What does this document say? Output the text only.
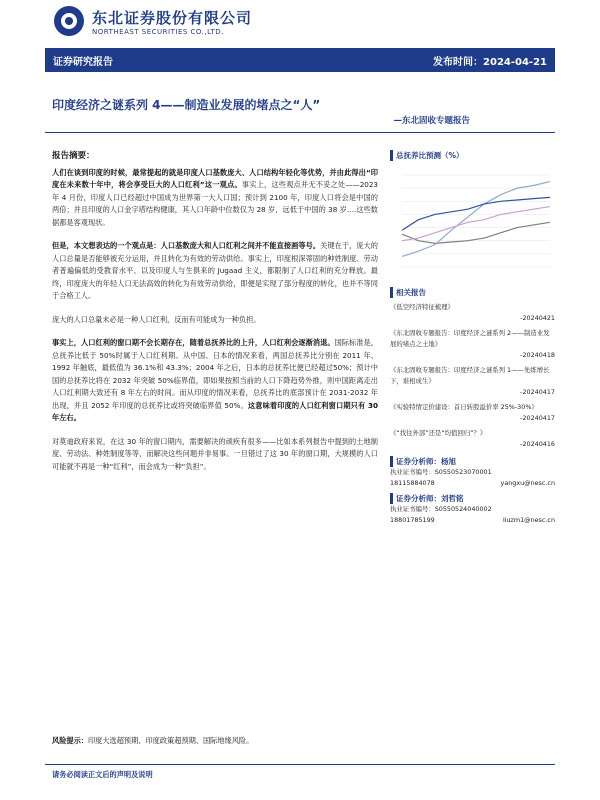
东北证券股份有限公司
NORTHEAST SECURITIES CO.,LTD.
证券研究报告	发布时间：2024-04-21
印度经济之谜系列 4——制造业发展的堵点之“人”
—东北固收专题报告
报告摘要：

人们在谈到印度的时候，最常提起的就是印度人口基数庞大、人口结构年轻化等优势，并由此得出“印度在未来数十年中，将会享受巨大的人口红利”这一观点。事实上，这些观点并无不妥之处——2023 年 4 月份，印度人口已经超过中国成为世界第一大人口国；预计到 2100 年，印度人口将会是中国的两倍；并且印度的人口金字塔结构健康，其人口年龄中位数仅为 28 岁，远低于中国的 38 岁….这些数据都是客观现状。

但是，本文想表达的一个观点是：人口基数庞大和人口红利之间并不能直接画等号。关键在于，庞大的人口总量是否能够被充分运用，并且转化为有效的劳动供给。事实上，印度根深蒂固的种姓制度、劳动者普遍偏低的受教育水平、以及印度人与生俱来的 Jugaad 主义，都限制了人口红利的充分释放。最终，印度庞大的年轻人口无法高效的转化为有效劳动供给，即便是实现了部分程度的转化，也并不等同于合格工人。

庞大的人口总量未必是一种人口红利，反而有可能成为一种负担。

事实上，人口红利的窗口期不会长期存在，随着总抚养比的上升，人口红利会逐渐消退。国际标准是，总抚养比低于 50%时属于人口红利期。从中国、日本的情况来看，两国总抚养比分别在 2011 年、1992 年触底，最低值为 36.1%和 43.3%；2004 年之后，日本的总抚养比便已经超过50%；预计中国的总抚养比将在 2032 年突破 50%临界值，即如果按照当前的人口下降趋势外推，则中国距离走出人口红利期大致还有 8 年左右的时间。而从印度的情况来看，总抚养比的底部预计在 2031-2032 年出现，并且 2052 年印度的总抚养比或将突破临界值 50%。这意味着印度的人口红利窗口期只有 30 年左右。

对莫迪政府来说，在这 30 年的窗口期内，需要解决的顽疾有很多——比如本系列报告中提到的土地制度、劳动法、种姓制度等等，而解决这些问题并非易事。一旦错过了这 30 年的窗口期，大规模的人口可能就不再是一种“红利”，而会成为一种“负担”。

总抚养比预测（%）
相关报告
《低空经济特征梳理》
-20240421
《东北固收专题报告：印度经济之谜系列 2——制造业发展的堵点之土地》
-20240418
《东北固收专题报告：印度经济之谜系列 1——先练增长下，谁相成生》
-20240417
《实验特情定价建设：首日转股溢价率 25%-30%》
-20240417
《“找往外部”还是“均值回归”？》
-20240416
证券分析师：杨旭
执业证书编号：S0550523070001
18115884078	yangxu@nesc.cn
证券分析师：刘哲铭
执业证书编号：S0550524040002
18801785199	liuzm1@nesc.cn
风险提示：印度大选超预期、印度政策超预期、国际地缘风险。
请务必阅读正文后的声明及说明
